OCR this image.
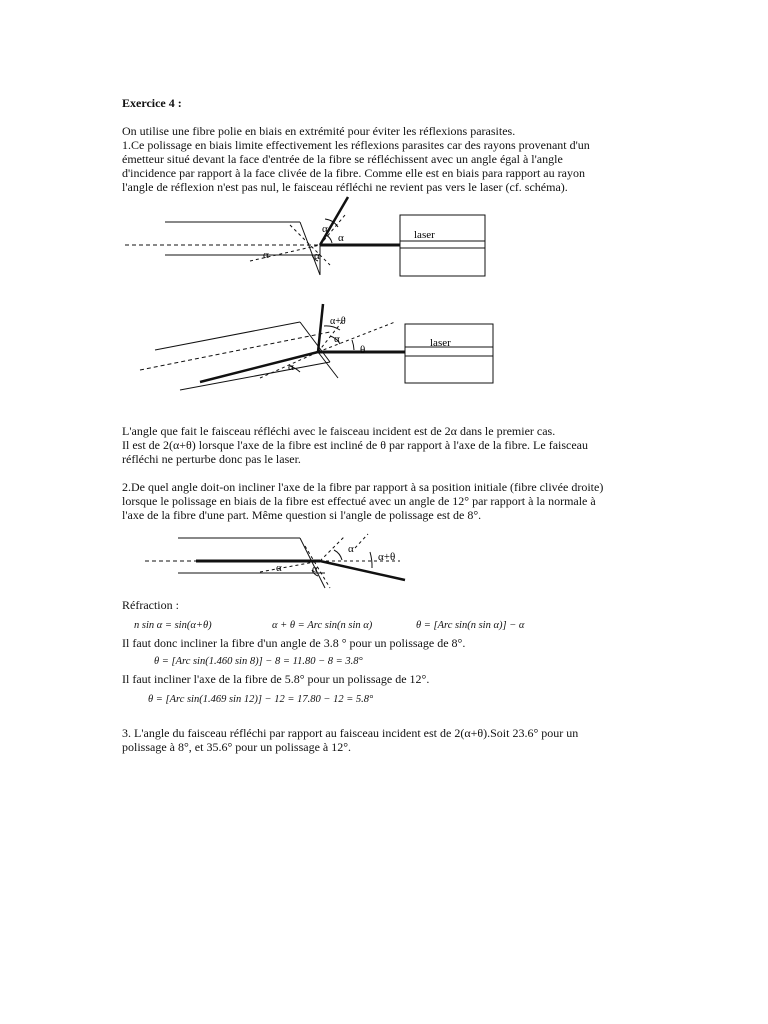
Exercice 4 :
On utilise une fibre polie en biais en extrémité pour éviter les réflexions parasites.
1.Ce polissage en biais limite effectivement les réflexions parasites car des rayons provenant d'un
émetteur situé devant la face d'entrée de la fibre se réfléchissent avec un angle égal à l'angle
d'incidence par rapport à la face clivée de la fibre. Comme elle est en biais para rapport au rayon
l'angle de réflexion n'est pas nul, le faisceau réfléchi ne revient pas vers le laser (cf. schéma).
laser
α
α
α	α
laser
α+θ
α
θ
α
L'angle que fait le faisceau réfléchi avec le faisceau incident est de 2α dans le premier cas.
Il est de 2(α+θ) lorsque l'axe de la fibre est incliné de θ par rapport à l'axe de la fibre. Le faisceau
réfléchi ne perturbe donc pas le laser.
2.De quel angle doit-on incliner l'axe de la fibre par rapport à sa position initiale (fibre clivée droite)
lorsque le polissage en biais de la fibre est effectué avec un angle de 12° par rapport à la normale à
l'axe de la fibre d'une part. Même question si l'angle de polissage est de 8°.
α
α+θ
α	α
Réfraction :
n sin α = sin(α+θ)	α + θ = Arc sin(n sin α)	θ = [Arc sin(n sin α)] − α
Il faut donc incliner la fibre d'un angle de 3.8 ° pour un polissage de 8°.
θ = [Arc sin(1.460 sin 8)] − 8 = 11.80 − 8 = 3.8°
Il faut incliner l'axe de la fibre de 5.8° pour un polissage de 12°.
θ = [Arc sin(1.469 sin 12)] − 12 = 17.80 − 12 = 5.8°
3. L'angle du faisceau réfléchi par rapport au faisceau incident est de 2(α+θ).Soit 23.6° pour un
polissage à 8°, et 35.6° pour un polissage à 12°.
